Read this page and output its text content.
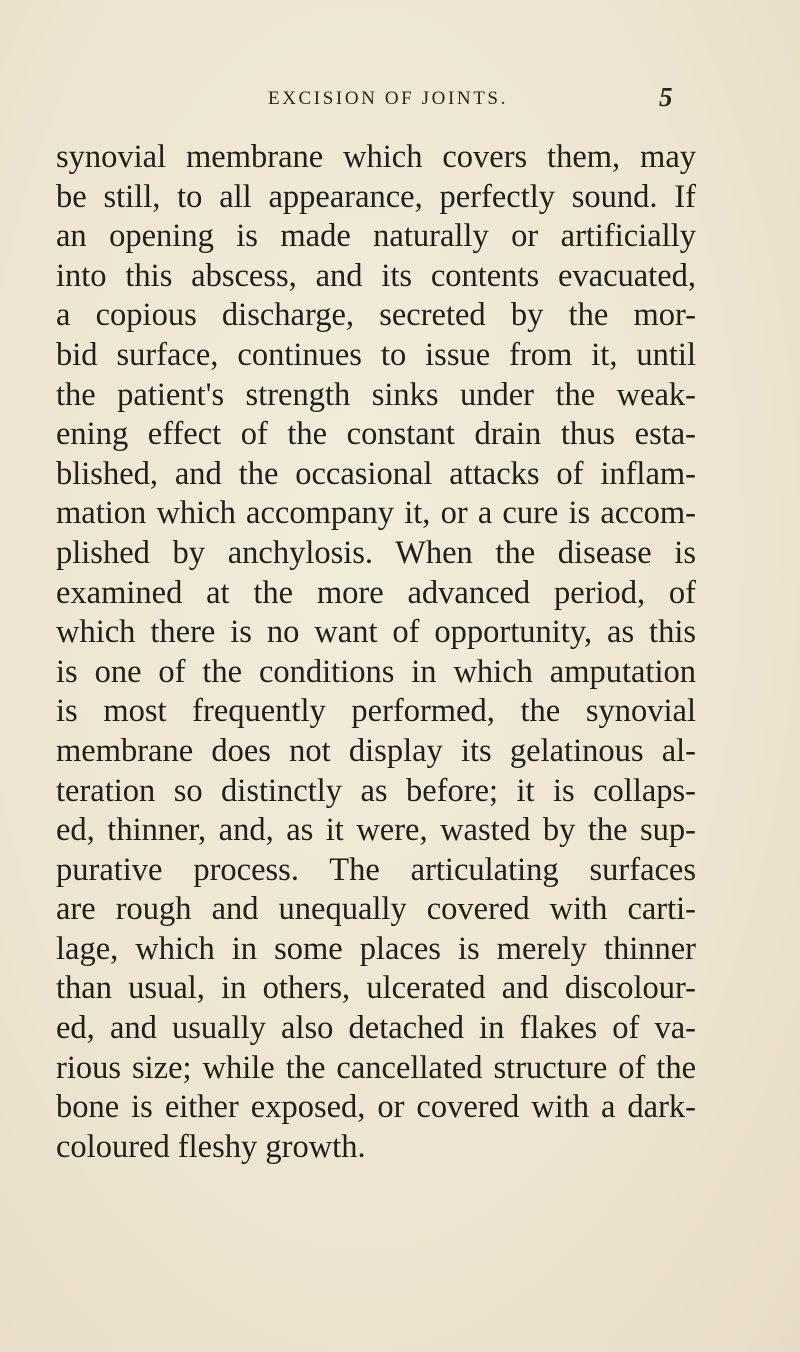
EXCISION OF JOINTS.	5
synovial membrane which covers them, may
be still, to all appearance, perfectly sound. If
an opening is made naturally or artificially
into this abscess, and its contents evacuated,
a copious discharge, secreted by the mor-
bid surface, continues to issue from it, until
the patient's strength sinks under the weak-
ening effect of the constant drain thus esta-
blished, and the occasional attacks of inflam-
mation which accompany it, or a cure is accom-
plished by anchylosis. When the disease is
examined at the more advanced period, of
which there is no want of opportunity, as this
is one of the conditions in which amputation
is most frequently performed, the synovial
membrane does not display its gelatinous al-
teration so distinctly as before; it is collaps-
ed, thinner, and, as it were, wasted by the sup-
purative process. The articulating surfaces
are rough and unequally covered with carti-
lage, which in some places is merely thinner
than usual, in others, ulcerated and discolour-
ed, and usually also detached in flakes of va-
rious size; while the cancellated structure of the
bone is either exposed, or covered with a dark-
coloured fleshy growth.
